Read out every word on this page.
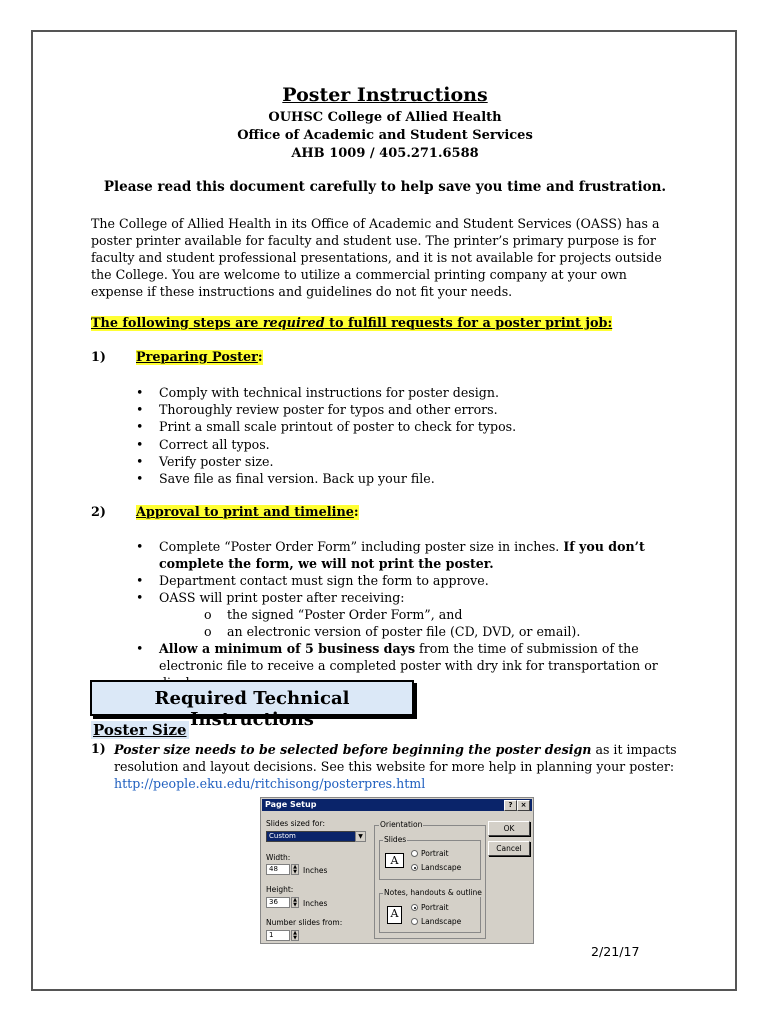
Poster Instructions
OUHSC College of Allied Health
Office of Academic and Student Services
AHB 1009 / 405.271.6588
Please read this document carefully to help save you time and frustration.
The College of Allied Health in its Office of Academic and Student Services (OASS) has a poster printer available for faculty and student use. The printer’s primary purpose is for faculty and student professional presentations, and it is not available for projects outside the College. You are welcome to utilize a commercial printing company at your own expense if these instructions and guidelines do not fit your needs.
The following steps are required to fulfill requests for a poster print job:
1) Preparing Poster:
• Comply with technical instructions for poster design.
• Thoroughly review poster for typos and other errors.
• Print a small scale printout of poster to check for typos.
• Correct all typos.
• Verify poster size.
• Save file as final version. Back up your file.
2) Approval to print and timeline:
• Complete “Poster Order Form” including poster size in inches. If you don’t complete the form, we will not print the poster.
• Department contact must sign the form to approve.
• OASS will print poster after receiving:
o the signed “Poster Order Form”, and
o an electronic version of poster file (CD, DVD, or email).
• Allow a minimum of 5 business days from the time of submission of the electronic file to receive a completed poster with dry ink for transportation or
Required Technical Instructions
Poster Size
1) Poster size needs to be selected before beginning the poster design as it impacts resolution and layout decisions. See this website for more help in planning your poster:
http://people.eku.edu/ritchisong/posterpres.html
Page Setup	?	×
Slides sized for:
Custom	▼
Width:
48	▲
▼ Inches
Height:
36	▲
▼ Inches
Number slides from:
1	▲
▼
Orientation
Slides
A
Portrait
Landscape
Notes, handouts & outline
A	Portrait
Landscape
OK
Cancel
2/21/17
